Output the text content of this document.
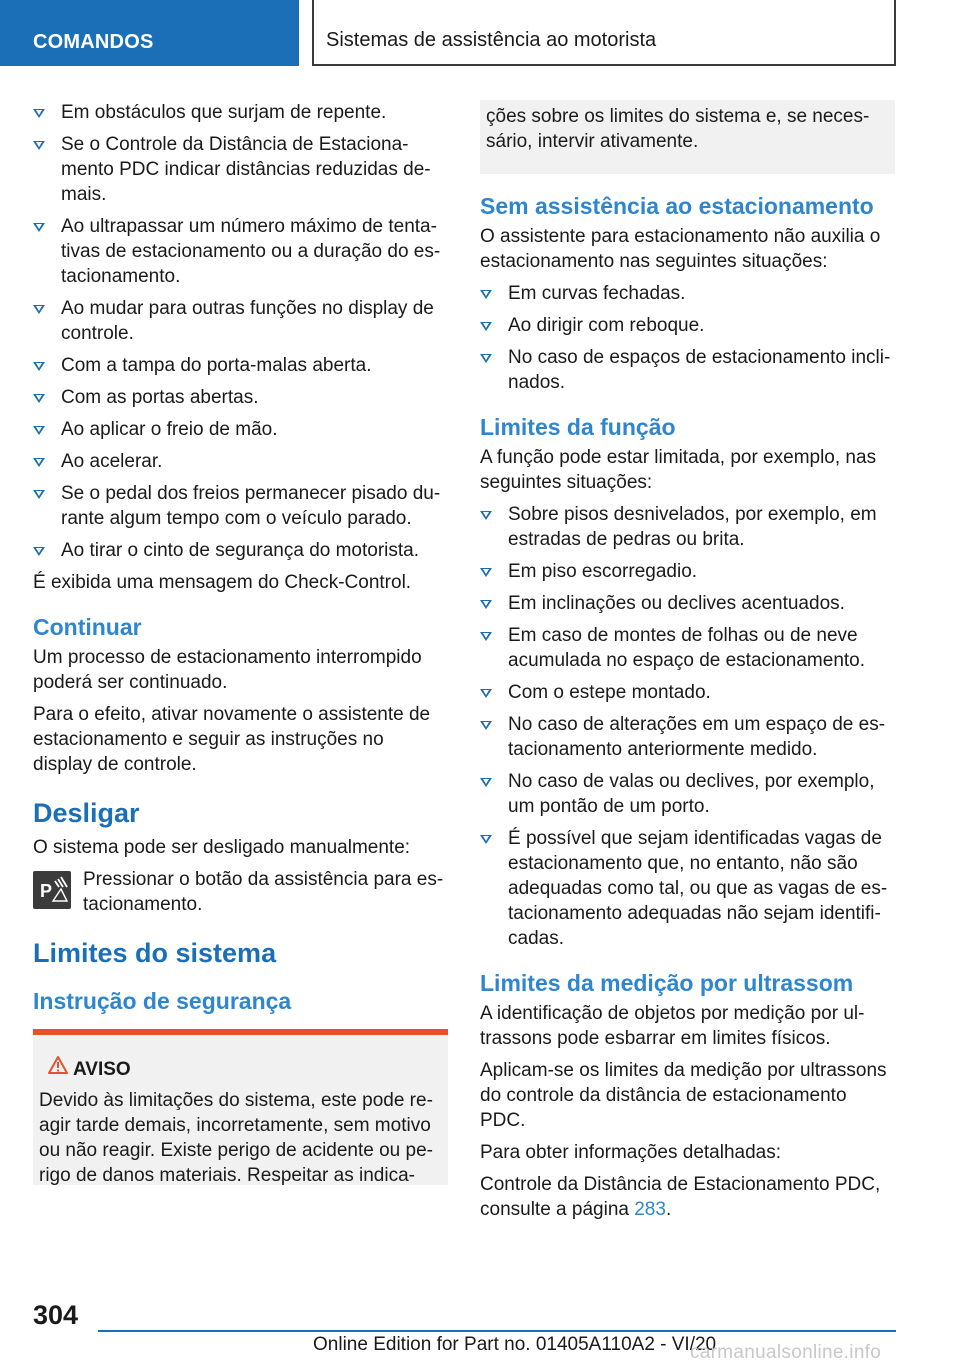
COMANDOS	Sistemas de assistência ao motorista
Em obstáculos que surjam de repente.
Se o Controle da Distância de Estaciona-mento PDC indicar distâncias reduzidas de-mais.
Ao ultrapassar um número máximo de tenta-tivas de estacionamento ou a duração do es-tacionamento.
Ao mudar para outras funções no display de controle.
Com a tampa do porta-malas aberta.
Com as portas abertas.
Ao aplicar o freio de mão.
Ao acelerar.
Se o pedal dos freios permanecer pisado du-rante algum tempo com o veículo parado.
Ao tirar o cinto de segurança do motorista.

É exibida uma mensagem do Check-Control.

Continuar

Um processo de estacionamento interrompido poderá ser continuado.

Para o efeito, ativar novamente o assistente de estacionamento e seguir as instruções no display de controle.

Desligar

O sistema pode ser desligado manualmente:

P
Pressionar o botão da assistência para es-tacionamento.
Limites do sistema
Instrução de segurança
AVISO

Devido às limitações do sistema, este pode re-agir tarde demais, incorretamente, sem motivo ou não reagir. Existe perigo de acidente ou pe-rigo de danos materiais. Respeitar as indica-

ções sobre os limites do sistema e, se neces-sário, intervir ativamente.

Sem assistência ao estacionamento

O assistente para estacionamento não auxilia o estacionamento nas seguintes situações:

Em curvas fechadas.
Ao dirigir com reboque.
No caso de espaços de estacionamento incli-nados.
Limites da função

A função pode estar limitada, por exemplo, nas seguintes situações:

Sobre pisos desnivelados, por exemplo, em estradas de pedras ou brita.
Em piso escorregadio.
Em inclinações ou declives acentuados.
Em caso de montes de folhas ou de neve acumulada no espaço de estacionamento.
Com o estepe montado.
No caso de alterações em um espaço de es-tacionamento anteriormente medido.
No caso de valas ou declives, por exemplo, um pontão de um porto.
É possível que sejam identificadas vagas de estacionamento que, no entanto, não são adequadas como tal, ou que as vagas de es-tacionamento adequadas não sejam identifi-cadas.
Limites da medição por ultrassom

A identificação de objetos por medição por ul-trassons pode esbarrar em limites físicos.

Aplicam-se os limites da medição por ultrassons do controle da distância de estacionamento PDC.

Para obter informações detalhadas:

Controle da Distância de Estacionamento PDC, consulte a página 283.

304
Online Edition for Part no. 01405A110A2 - VI/20
carmanualsonline.info
